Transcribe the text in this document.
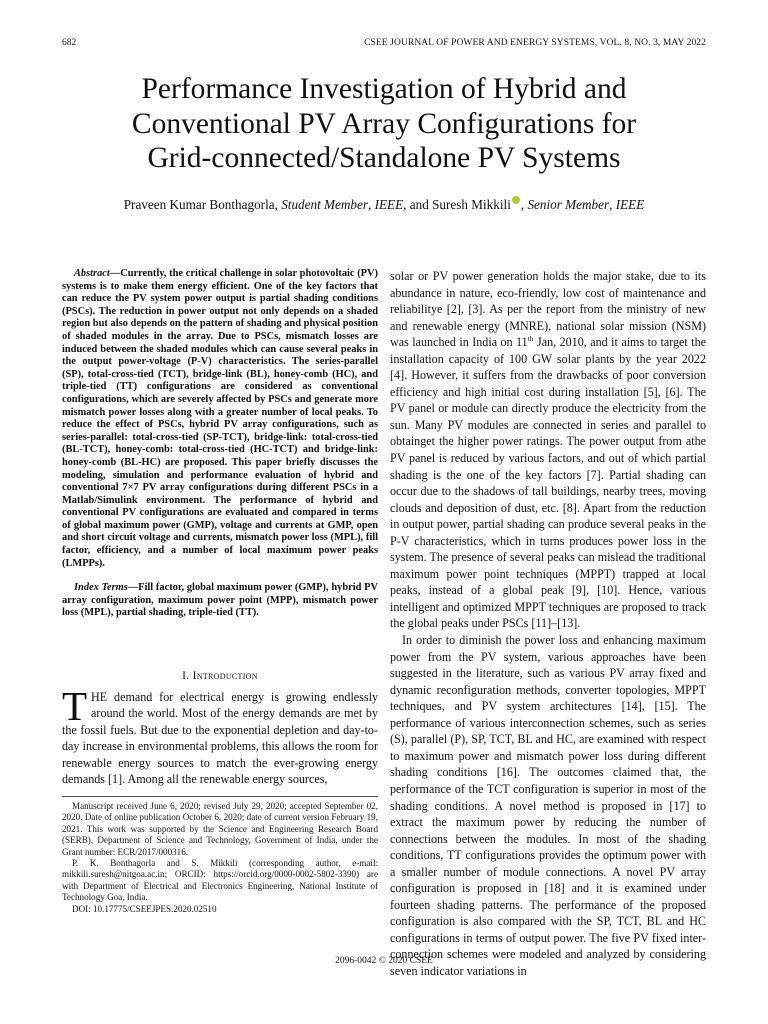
682	CSEE JOURNAL OF POWER AND ENERGY SYSTEMS, VOL. 8, NO. 3, MAY 2022
Performance Investigation of Hybrid and
Conventional PV Array Configurations for
Grid-connected/Standalone PV Systems
Praveen Kumar Bonthagorla, Student Member, IEEE, and Suresh Mikkili , Senior Member, IEEE

Abstract—Currently, the critical challenge in solar photovoltaic (PV) systems is to make them energy efficient. One of the key factors that can reduce the PV system power output is partial shading conditions (PSCs). The reduction in power output not only depends on a shaded region but also depends on the pattern of shading and physical position of shaded modules in the array. Due to PSCs, mismatch losses are induced between the shaded modules which can cause several peaks in the output power-voltage (P-V) characteristics. The series-parallel (SP), total-cross-tied (TCT), bridge-link (BL), honey-comb (HC), and triple-tied (TT) configurations are considered as conventional configurations, which are severely affected by PSCs and generate more mismatch power losses along with a greater number of local peaks. To reduce the effect of PSCs, hybrid PV array configurations, such as series-parallel: total-cross-tied (SP-TCT), bridge-link: total-cross-tied (BL-TCT), honey-comb: total-cross-tied (HC-TCT) and bridge-link: honey-comb (BL-HC) are proposed. This paper briefly discusses the modeling, simulation and performance evaluation of hybrid and conventional 7×7 PV array configurations during different PSCs in a Matlab/Simulink environment. The performance of hybrid and conventional PV configurations are evaluated and compared in terms of global maximum power (GMP), voltage and currents at GMP, open and short circuit voltage and currents, mismatch power loss (MPL), fill factor, efficiency, and a number of local maximum power peaks (LMPPs).

Index Terms—Fill factor, global maximum power (GMP), hybrid PV array configuration, maximum power point (MPP), mismatch power loss (MPL), partial shading, triple-tied (TT).

I. Introduction

THE demand for electrical energy is growing endlessly around the world. Most of the energy demands are met by the fossil fuels. But due to the exponential depletion and day-to-day increase in environmental problems, this allows the room for renewable energy sources to match the ever-growing energy demands [1]. Among all the renewable energy sources,

Manuscript received June 6, 2020; revised July 29, 2020; accepted September 02, 2020. Date of online publication October 6, 2020; date of current version February 19, 2021. This work was supported by the Science and Engineering Research Board (SERB), Department of Science and Technology, Government of India, under the Grant number: ECR/2017/000316.

P. K. Bonthagorla and S. Mikkili (corresponding author, e-mail: mikkili.suresh@nitgoa.ac.in; ORCID: https://orcid.org/0000-0002-5802-3390) are with Department of Electrical and Electronics Engineering, National Institute of Technology Goa, India.

DOI: 10.17775/CSEEJPES.2020.02510

solar or PV power generation holds the major stake, due to its abundance in nature, eco-friendly, low cost of maintenance and reliabilitye [2], [3]. As per the report from the ministry of new and renewable energy (MNRE), national solar mission (NSM) was launched in India on 11th Jan, 2010, and it aims to target the installation capacity of 100 GW solar plants by the year 2022 [4]. However, it suffers from the drawbacks of poor conversion efficiency and high initial cost during installation [5], [6]. The PV panel or module can directly produce the electricity from the sun. Many PV modules are connected in series and parallel to obtainget the higher power ratings. The power output from athe PV panel is reduced by various factors, and out of which partial shading is the one of the key factors [7]. Partial shading can occur due to the shadows of tall buildings, nearby trees, moving clouds and deposition of dust, etc. [8]. Apart from the reduction in output power, partial shading can produce several peaks in the P-V characteristics, which in turns produces power loss in the system. The presence of several peaks can mislead the traditional maximum power point techniques (MPPT) trapped at local peaks, instead of a global peak [9], [10]. Hence, various intelligent and optimized MPPT techniques are proposed to track the global peaks under PSCs [11]–[13].

In order to diminish the power loss and enhancing maximum power from the PV system, various approaches have been suggested in the literature, such as various PV array fixed and dynamic reconfiguration methods, converter topologies, MPPT techniques, and PV system architectures [14], [15]. The performance of various interconnection schemes, such as series (S), parallel (P), SP, TCT, BL and HC, are examined with respect to maximum power and mismatch power loss during different shading conditions [16]. The outcomes claimed that, the performance of the TCT configuration is superior in most of the shading conditions. A novel method is proposed in [17] to extract the maximum power by reducing the number of connections between the modules. In most of the shading conditions, TT configurations provides the optimum power with a smaller number of module connections. A novel PV array configuration is proposed in [18] and it is examined under fourteen shading patterns. The performance of the proposed configuration is also compared with the SP, TCT, BL and HC configurations in terms of output power. The five PV fixed inter-connection schemes were modeled and analyzed by considering seven indicator variations in

2096-0042 © 2020 CSEE
